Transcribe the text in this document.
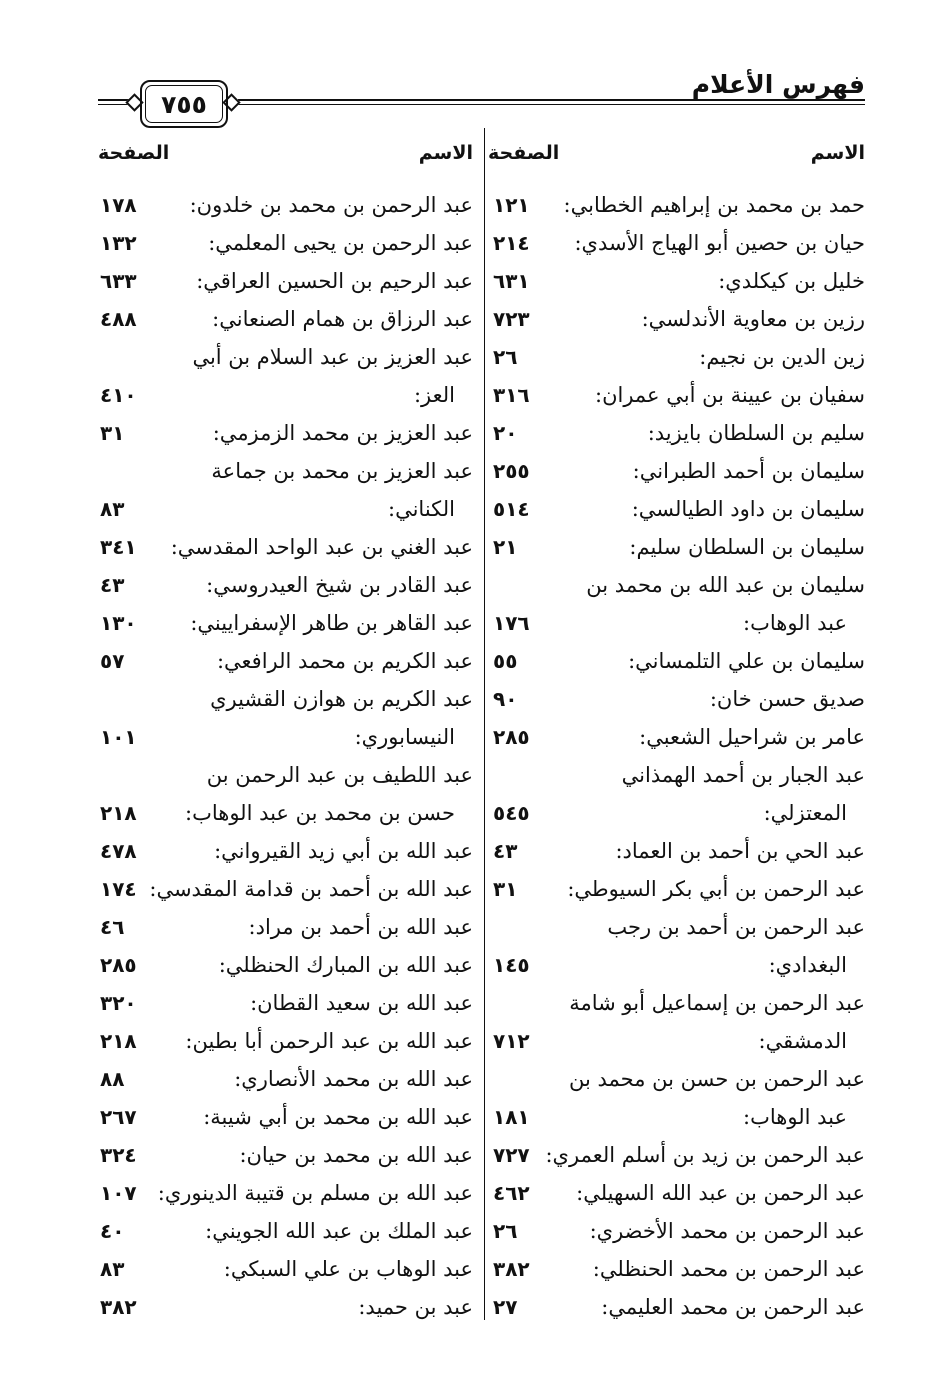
فهرس الأعلام
٧٥٥
الاسم
الصفحة
الاسم
الصفحة
حمد بن محمد بن إبراهيم الخطابي:
١٢١
حيان بن حصين أبو الهياج الأسدي:
٢١٤
خليل بن كيكلدي:
٦٣١
رزين بن معاوية الأندلسي:
٧٢٣
زين الدين بن نجيم:
٢٦
سفيان بن عيينة بن أبي عمران:
٣١٦
سليم بن السلطان بايزيد:
٢٠
سليمان بن أحمد الطبراني:
٢٥٥
سليمان بن داود الطيالسي:
٥١٤
سليمان بن السلطان سليم:
٢١
سليمان بن عبد الله بن محمد بن
عبد الوهاب:
١٧٦
سليمان بن علي التلمساني:
٥٥
صديق حسن خان:
٩٠
عامر بن شراحيل الشعبي:
٢٨٥
عبد الجبار بن أحمد الهمذاني
المعتزلي:
٥٤٥
عبد الحي بن أحمد بن العماد:
٤٣
عبد الرحمن بن أبي بكر السيوطي:
٣١
عبد الرحمن بن أحمد بن رجب
البغدادي:
١٤٥
عبد الرحمن بن إسماعيل أبو شامة
الدمشقي:
٧١٢
عبد الرحمن بن حسن بن محمد بن
عبد الوهاب:
١٨١
عبد الرحمن بن زيد بن أسلم العمري:
٧٢٧
عبد الرحمن بن عبد الله السهيلي:
٤٦٢
عبد الرحمن بن محمد الأخضري:
٢٦
عبد الرحمن بن محمد الحنظلي:
٣٨٢
عبد الرحمن بن محمد العليمي:
٢٧
عبد الرحمن بن محمد بن خلدون:
١٧٨
عبد الرحمن بن يحيى المعلمي:
١٣٢
عبد الرحيم بن الحسين العراقي:
٦٣٣
عبد الرزاق بن همام الصنعاني:
٤٨٨
عبد العزيز بن عبد السلام بن أبي
العز:
٤١٠
عبد العزيز بن محمد الزمزمي:
٣١
عبد العزيز بن محمد بن جماعة
الكناني:
٨٣
عبد الغني بن عبد الواحد المقدسي:
٣٤١
عبد القادر بن شيخ العيدروسي:
٤٣
عبد القاهر بن طاهر الإسفراييني:
١٣٠
عبد الكريم بن محمد الرافعي:
٥٧
عبد الكريم بن هوازن القشيري
النيسابوري:
١٠١
عبد اللطيف بن عبد الرحمن بن
حسن بن محمد بن عبد الوهاب:
٢١٨
عبد الله بن أبي زيد القيرواني:
٤٧٨
عبد الله بن أحمد بن قدامة المقدسي:
١٧٤
عبد الله بن أحمد بن مراد:
٤٦
عبد الله بن المبارك الحنظلي:
٢٨٥
عبد الله بن سعيد القطان:
٣٢٠
عبد الله بن عبد الرحمن أبا بطين:
٢١٨
عبد الله بن محمد الأنصاري:
٨٨
عبد الله بن محمد بن أبي شيبة:
٢٦٧
عبد الله بن محمد بن حيان:
٣٢٤
عبد الله بن مسلم بن قتيبة الدينوري:
١٠٧
عبد الملك بن عبد الله الجويني:
٤٠
عبد الوهاب بن علي السبكي:
٨٣
عبد بن حميد:
٣٨٢
